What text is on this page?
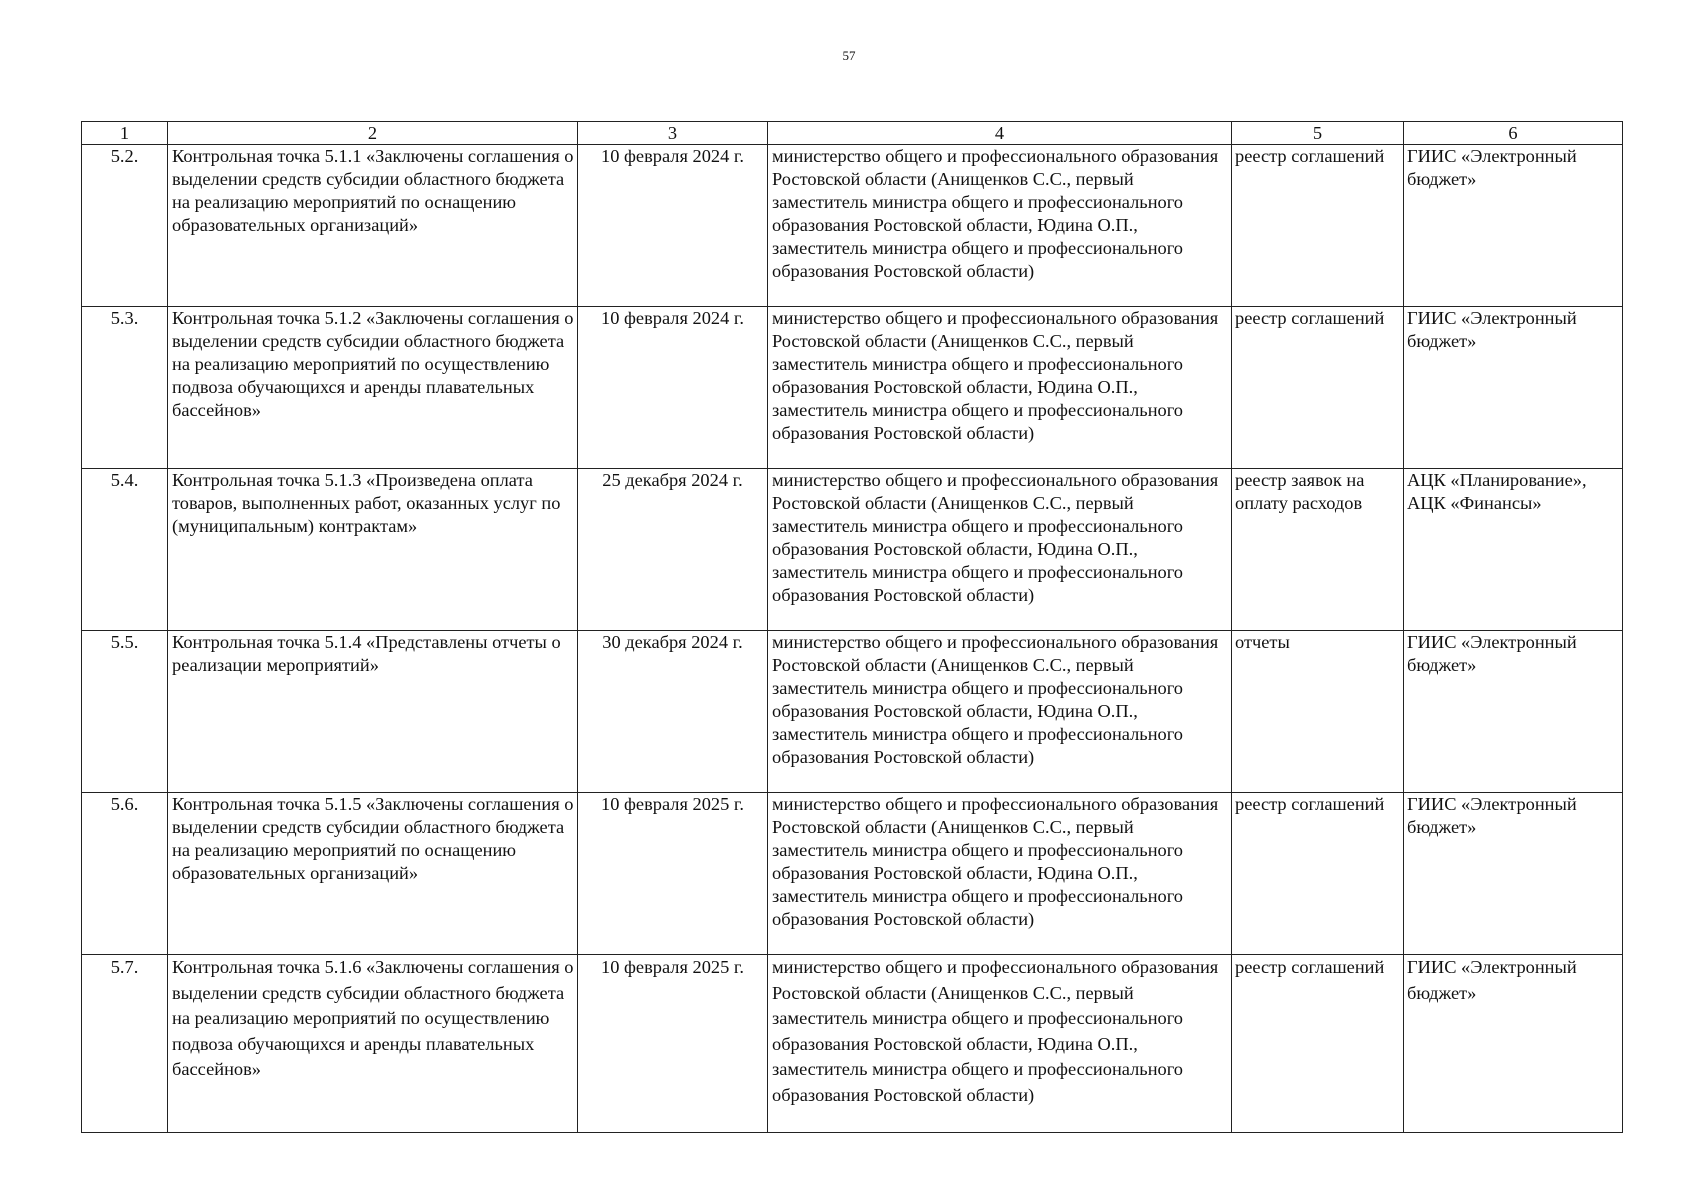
57
1	2	3	4	5	6
5.2.	Контрольная точка 5.1.1 «Заключены соглашения о выделении средств субсидии областного бюджета на реализацию мероприятий по оснащению образовательных организаций»	10 февраля 2024 г.	министерство общего и профессионального образования Ростовской области (Анищенков С.С., первый заместитель министра общего и профессионального образования Ростовской области, Юдина О.П., заместитель министра общего и профессионального образования Ростовской области)	реестр соглашений	ГИИС «Электронный бюджет»
5.3.	Контрольная точка 5.1.2 «Заключены соглашения о выделении средств субсидии областного бюджета на реализацию мероприятий по осуществлению подвоза обучающихся и аренды плавательных бассейнов»	10 февраля 2024 г.	министерство общего и профессионального образования Ростовской области (Анищенков С.С., первый заместитель министра общего и профессионального образования Ростовской области, Юдина О.П., заместитель министра общего и профессионального образования Ростовской области)	реестр соглашений	ГИИС «Электронный бюджет»
5.4.	Контрольная точка 5.1.3 «Произведена оплата товаров, выполненных работ, оказанных услуг по (муниципальным) контрактам»	25 декабря 2024 г.	министерство общего и профессионального образования Ростовской области (Анищенков С.С., первый заместитель министра общего и профессионального образования Ростовской области, Юдина О.П., заместитель министра общего и профессионального образования Ростовской области)	реестр заявок на оплату расходов	АЦК «Планирование», АЦК «Финансы»
5.5.	Контрольная точка 5.1.4 «Представлены отчеты о реализации мероприятий»	30 декабря 2024 г.	министерство общего и профессионального образования Ростовской области (Анищенков С.С., первый заместитель министра общего и профессионального образования Ростовской области, Юдина О.П., заместитель министра общего и профессионального образования Ростовской области)	отчеты	ГИИС «Электронный бюджет»
5.6.	Контрольная точка 5.1.5 «Заключены соглашения о выделении средств субсидии областного бюджета на реализацию мероприятий по оснащению образовательных организаций»	10 февраля 2025 г.	министерство общего и профессионального образования Ростовской области (Анищенков С.С., первый заместитель министра общего и профессионального образования Ростовской области, Юдина О.П., заместитель министра общего и профессионального образования Ростовской области)	реестр соглашений	ГИИС «Электронный бюджет»
5.7.	Контрольная точка 5.1.6 «Заключены соглашения о выделении средств субсидии областного бюджета на реализацию мероприятий по осуществлению подвоза обучающихся и аренды плавательных бассейнов»	10 февраля 2025 г.	министерство общего и профессионального образования Ростовской области (Анищенков С.С., первый заместитель министра общего и профессионального образования Ростовской области, Юдина О.П., заместитель министра общего и профессионального образования Ростовской области)	реестр соглашений	ГИИС «Электронный бюджет»
